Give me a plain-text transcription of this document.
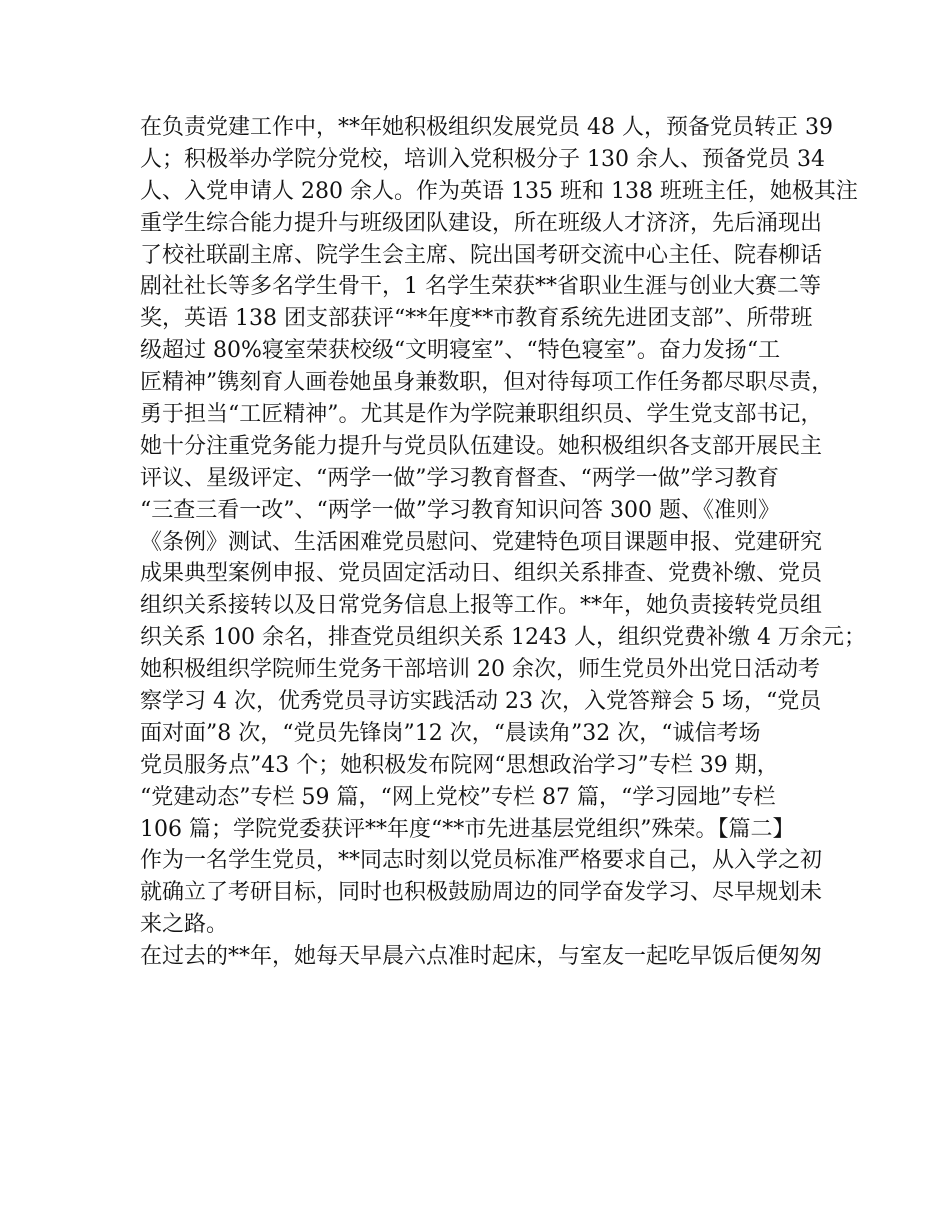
在负责党建工作中，**年她积极组织发展党员 48 人，预备党员转正 39

人；积极举办学院分党校，培训入党积极分子 130 余人、预备党员 34

人、入党申请人 280 余人。作为英语 135 班和 138 班班主任，她极其注

重学生综合能力提升与班级团队建设，所在班级人才济济，先后涌现出

了校社联副主席、院学生会主席、院出国考研交流中心主任、院春柳话

剧社社长等多名学生骨干，1 名学生荣获**省职业生涯与创业大赛二等

奖，英语 138 团支部获评“**年度**市教育系统先进团支部”、所带班

级超过 80%寝室荣获校级“文明寝室”、“特色寝室”。奋力发扬“工

匠精神”镌刻育人画卷她虽身兼数职，但对待每项工作任务都尽职尽责，

勇于担当“工匠精神”。尤其是作为学院兼职组织员、学生党支部书记，

她十分注重党务能力提升与党员队伍建设。她积极组织各支部开展民主

评议、星级评定、“两学一做”学习教育督查、“两学一做”学习教育

“三查三看一改”、“两学一做”学习教育知识问答 300 题、《准则》

《条例》测试、生活困难党员慰问、党建特色项目课题申报、党建研究

成果典型案例申报、党员固定活动日、组织关系排查、党费补缴、党员

组织关系接转以及日常党务信息上报等工作。**年，她负责接转党员组

织关系 100 余名，排查党员组织关系 1243 人，组织党费补缴 4 万余元；

她积极组织学院师生党务干部培训 20 余次，师生党员外出党日活动考

察学习 4 次，优秀党员寻访实践活动 23 次，入党答辩会 5 场，“党员

面对面”8 次，“党员先锋岗”12 次，“晨读角”32 次，“诚信考场

党员服务点”43 个；她积极发布院网“思想政治学习”专栏 39 期，

“党建动态”专栏 59 篇，“网上党校”专栏 87 篇，“学习园地”专栏

106 篇；学院党委获评**年度“**市先进基层党组织”殊荣。【篇二】

作为一名学生党员，**同志时刻以党员标准严格要求自己，从入学之初

就确立了考研目标，同时也积极鼓励周边的同学奋发学习、尽早规划未

来之路。

在过去的**年，她每天早晨六点准时起床，与室友一起吃早饭后便匆匆
